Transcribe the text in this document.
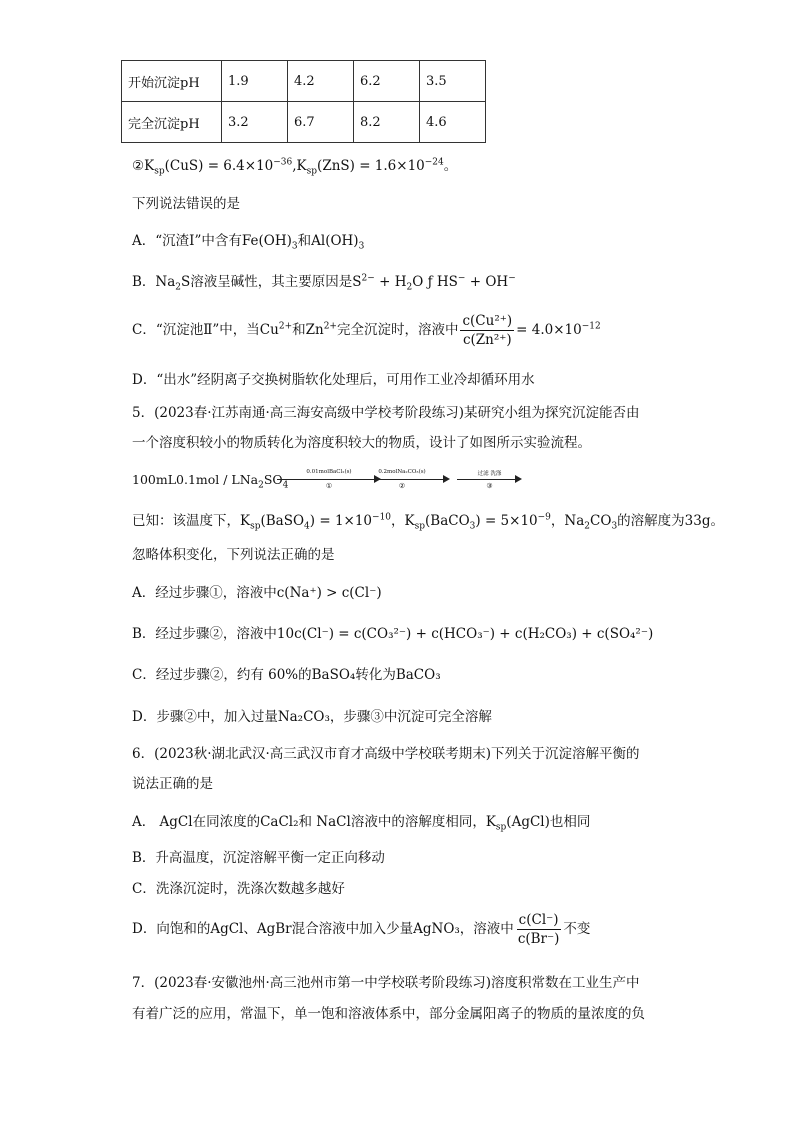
开始沉淀pH	1.9	4.2	6.2	3.5
完全沉淀pH	3.2	6.7	8.2	4.6
$②K_{sp}(CuS) = 6.4\times 10^{-36},K_{sp}(ZnS) = 1.6\times 10^{-24}$。
下列说法错误的是
A．“沉渣Ⅰ”中含有$Fe(OH)_3$和$Al(OH)_3$
B．$Na_2S$溶液呈碱性，其主要原因是$S^{2-} + H_2O$ ƒ HS− + OH−
C．“沉淀池Ⅱ”中，当$Cu^{2+}$和$Zn^{2+}$完全沉淀时，溶液中 $\frac{\text{c(Cu²⁺)}}{\text{c(Zn²⁺)}} = 4.0\times 10^{-12}$
D．“出水”经阴离子交换树脂软化处理后，可用作工业冷却循环用水
5．(2023春·江苏南通·高三海安高级中学校考阶段练习)某研究小组为探究沉淀能否由
一个溶度积较小的物质转化为溶度积较大的物质，设计了如图所示实验流程。
$100mL0.1mol / LNa_2SO_4$
0.01molBaCl₂(s)
①
0.2molNa₂CO₃(s)
②
过滤 洗涤
③
已知：该温度下，$K_{sp}(BaSO_4) = 1\times 10^{-10}$，$K_{sp}(BaCO_3) = 5\times 10^{-9}$，$Na_2CO_3$的溶解度为33g。
忽略体积变化，下列说法正确的是
A．经过步骤①，溶液中c(Na⁺) > c(Cl⁻)
B．经过步骤②，溶液中10c(Cl⁻) = c(CO₃²⁻) + c(HCO₃⁻) + c(H₂CO₃) + c(SO₄²⁻)
C．经过步骤②，约有 60%的BaSO₄转化为BaCO₃
D．步骤②中，加入过量Na₂CO₃，步骤③中沉淀可完全溶解
6．(2023秋·湖北武汉·高三武汉市育才高级中学校联考期末)下列关于沉淀溶解平衡的
说法正确的是
A． AgCl在同浓度的CaCl₂和 NaCl溶液中的溶解度相同，$K_{sp}(AgCl)$也相同
B．升高温度，沉淀溶解平衡一定正向移动
C．洗涤沉淀时，洗涤次数越多越好
D．向饱和的AgCl、AgBr混合溶液中加入少量AgNO₃，溶液中 $\frac{c(Cl^-)}{c(Br^-)}$ 不变
7．(2023春·安徽池州·高三池州市第一中学校联考阶段练习)溶度积常数在工业生产中
有着广泛的应用，常温下，单一饱和溶液体系中，部分金属阳离子的物质的量浓度的负
